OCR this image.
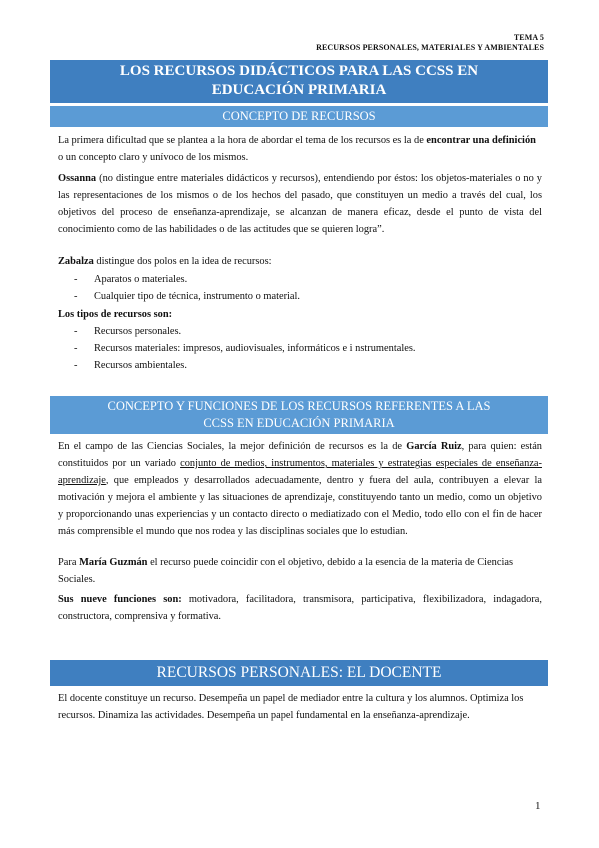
TEMA 5
RECURSOS PERSONALES, MATERIALES Y AMBIENTALES
LOS RECURSOS DIDÁCTICOS PARA LAS CCSS EN
EDUCACIÓN PRIMARIA
CONCEPTO DE RECURSOS

La primera dificultad que se plantea a la hora de abordar el tema de los recursos es la de encontrar una definición o un concepto claro y unívoco de los mismos.

Ossanna (no distingue entre materiales didácticos y recursos), entendiendo por éstos: los objetos-materiales o no y las representaciones de los mismos o de los hechos del pasado, que constituyen un medio a través del cual, los objetivos del proceso de enseñanza-aprendizaje, se alcanzan de manera eficaz, desde el punto de vista del conocimiento como de las habilidades o de las actitudes que se quieren logra”.

Zabalza distingue dos polos en la idea de recursos:

- Aparatos o materiales.
- Cualquier tipo de técnica, instrumento o material.

Los tipos de recursos son:

- Recursos personales.
- Recursos materiales: impresos, audiovisuales, informáticos e i nstrumentales.
- Recursos ambientales.
CONCEPTO Y FUNCIONES DE LOS RECURSOS REFERENTES A LAS
CCSS EN EDUCACIÓN PRIMARIA

En el campo de las Ciencias Sociales, la mejor definición de recursos es la de García Ruiz, para quien: están constituidos por un variado conjunto de medios, instrumentos, materiales y estrategias especiales de enseñanza-aprendizaje, que empleados y desarrollados adecuadamente, dentro y fuera del aula, contribuyen a elevar la motivación y mejora el ambiente y las situaciones de aprendizaje, constituyendo tanto un medio, como un objetivo y proporcionando unas experiencias y un contacto directo o mediatizado con el Medio, todo ello con el fin de hacer más comprensible el mundo que nos rodea y las disciplinas sociales que lo estudian.

Para María Guzmán el recurso puede coincidir con el objetivo, debido a la esencia de la materia de Ciencias Sociales.

Sus nueve funciones son: motivadora, facilitadora, transmisora, participativa, flexibilizadora, indagadora, constructora, comprensiva y formativa.

RECURSOS PERSONALES: EL DOCENTE

El docente constituye un recurso. Desempeña un papel de mediador entre la cultura y los alumnos. Optimiza los recursos. Dinamiza las actividades. Desempeña un papel fundamental en la enseñanza-aprendizaje.

1
